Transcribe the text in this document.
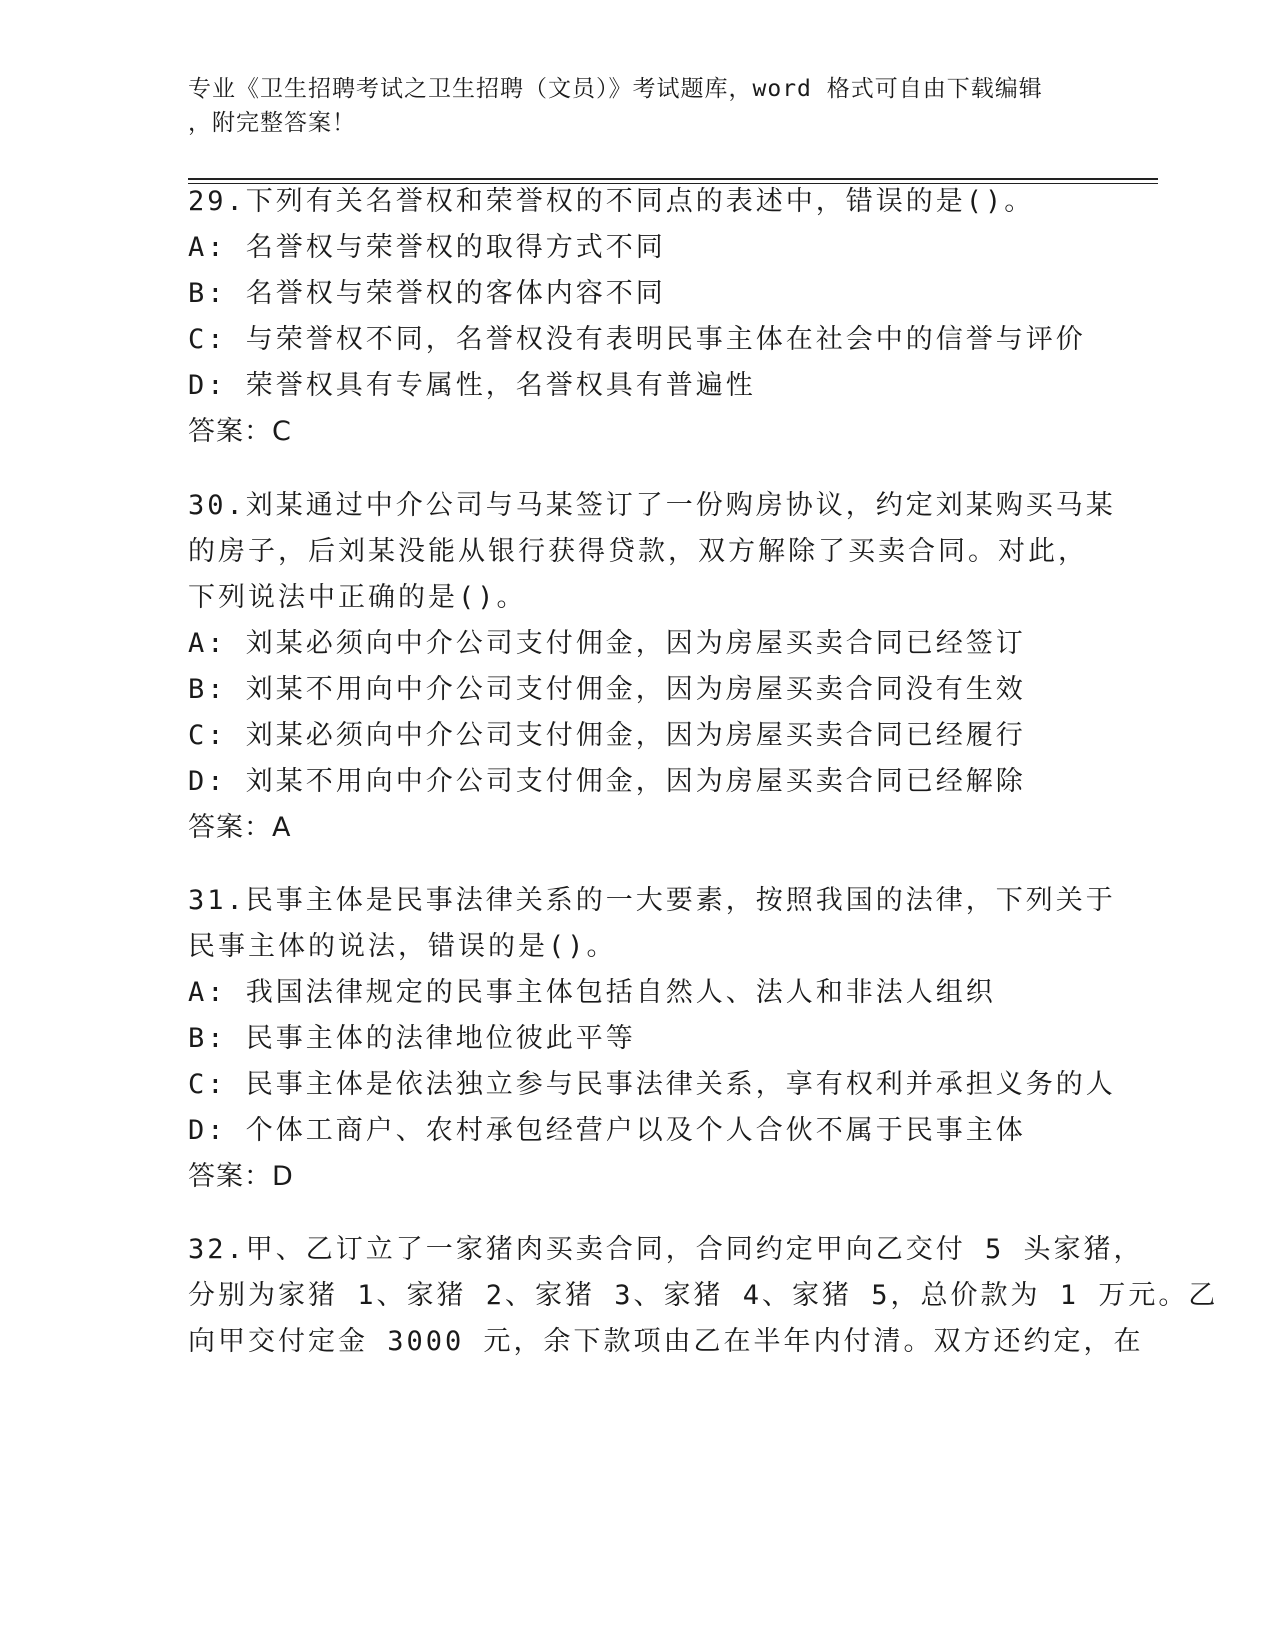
专业《卫生招聘考试之卫生招聘（文员）》考试题库，word 格式可自由下载编辑
，附完整答案！
29.下列有关名誉权和荣誉权的不同点的表述中，错误的是()。
A: 名誉权与荣誉权的取得方式不同
B: 名誉权与荣誉权的客体内容不同
C: 与荣誉权不同，名誉权没有表明民事主体在社会中的信誉与评价
D: 荣誉权具有专属性，名誉权具有普遍性
答案：C
30.刘某通过中介公司与马某签订了一份购房协议，约定刘某购买马某
的房子，后刘某没能从银行获得贷款，双方解除了买卖合同。对此，
下列说法中正确的是()。
A: 刘某必须向中介公司支付佣金，因为房屋买卖合同已经签订
B: 刘某不用向中介公司支付佣金，因为房屋买卖合同没有生效
C: 刘某必须向中介公司支付佣金，因为房屋买卖合同已经履行
D: 刘某不用向中介公司支付佣金，因为房屋买卖合同已经解除
答案：A
31.民事主体是民事法律关系的一大要素，按照我国的法律，下列关于
民事主体的说法，错误的是()。
A: 我国法律规定的民事主体包括自然人、法人和非法人组织
B: 民事主体的法律地位彼此平等
C: 民事主体是依法独立参与民事法律关系，享有权利并承担义务的人
D: 个体工商户、农村承包经营户以及个人合伙不属于民事主体
答案：D
32.甲、乙订立了一家猪肉买卖合同，合同约定甲向乙交付 5 头家猪，
分别为家猪 1、家猪 2、家猪 3、家猪 4、家猪 5，总价款为 1 万元。乙
向甲交付定金 3000 元，余下款项由乙在半年内付清。双方还约定，在
